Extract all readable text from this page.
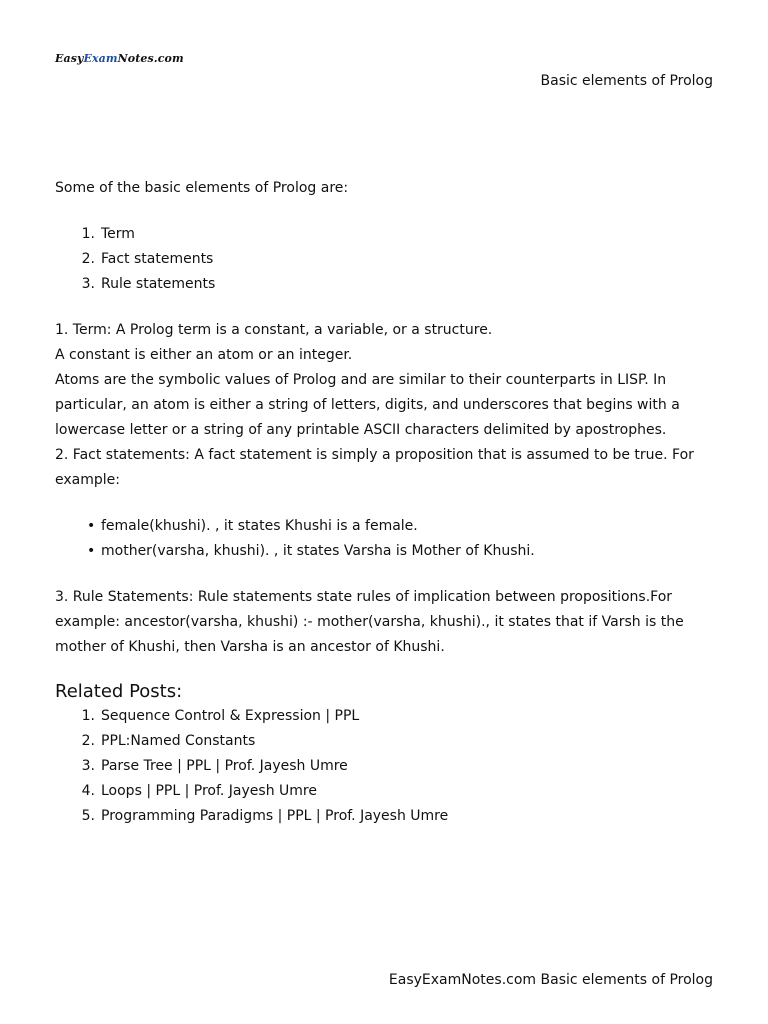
EasyExamNotes.com
Basic elements of Prolog

Some of the basic elements of Prolog are:

1. Term
2. Fact statements
3. Rule statements

1. Term: A Prolog term is a constant, a variable, or a structure.

A constant is either an atom or an integer.

Atoms are the symbolic values of Prolog and are similar to their counterparts in LISP. In particular, an atom is either a string of letters, digits, and underscores that begins with a lowercase letter or a string of any printable ASCII characters delimited by apostrophes.

2. Fact statements: A fact statement is simply a proposition that is assumed to be true. For example:

• female(khushi). , it states Khushi is a female.
• mother(varsha, khushi). , it states Varsha is Mother of Khushi.

3. Rule Statements: Rule statements state rules of implication between propositions.For example: ancestor(varsha, khushi) :- mother(varsha, khushi)., it states that if Varsh is the mother of Khushi, then Varsha is an ancestor of Khushi.

Related Posts:
1. Sequence Control & Expression | PPL
2. PPL:Named Constants
3. Parse Tree | PPL | Prof. Jayesh Umre
4. Loops | PPL | Prof. Jayesh Umre
5. Programming Paradigms | PPL | Prof. Jayesh Umre
EasyExamNotes.com Basic elements of Prolog
